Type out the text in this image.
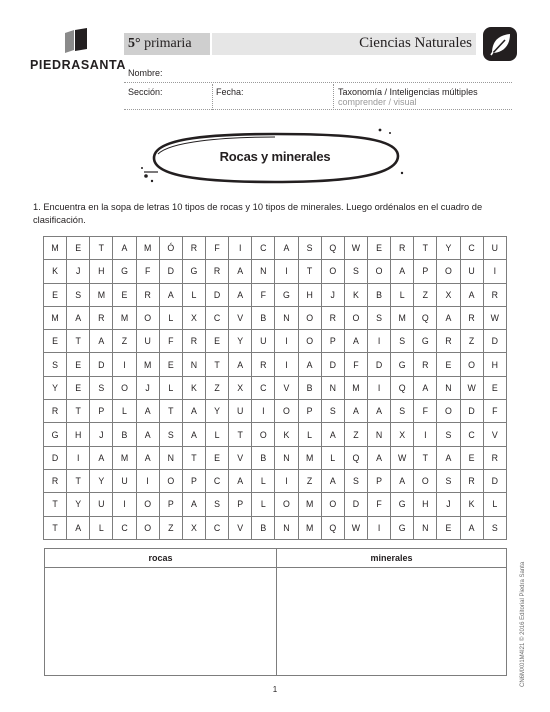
PIEDRASANTA
5° primaria	Ciencias Naturales
Nombre:
Sección:	Fecha:	Taxonomía / Inteligencias múltiples
comprender / visual
Rocas y minerales
1. Encuentra en la sopa de letras 10 tipos de rocas y 10 tipos de minerales. Luego ordénalos en el cuadro de clasificación.
M	E	T	A	M	Ó	R	F	I	C	A	S	Q	W	E	R	T	Y	C	U
K	J	H	G	F	D	G	R	A	N	I	T	O	S	O	A	P	O	U	I
E	S	M	E	R	A	L	D	A	F	G	H	J	K	B	L	Z	X	A	R
M	A	R	M	O	L	X	C	V	B	N	O	R	O	S	M	Q	A	R	W
E	T	A	Z	U	F	R	E	Y	U	I	O	P	A	I	S	G	R	Z	D
S	E	D	I	M	E	N	T	A	R	I	A	D	F	D	G	R	E	O	H
Y	E	S	O	J	L	K	Z	X	C	V	B	N	M	I	Q	A	N	W	E
R	T	P	L	A	T	A	Y	U	I	O	P	S	A	A	S	F	O	D	F
G	H	J	B	A	S	A	L	T	O	K	L	A	Z	N	X	I	S	C	V
D	I	A	M	A	N	T	E	V	B	N	M	L	Q	A	W	T	A	E	R
R	T	Y	U	I	O	P	C	A	L	I	Z	A	S	P	A	O	S	R	D
T	Y	U	I	O	P	A	S	P	L	O	M	O	D	F	G	H	J	K	L
T	A	L	C	O	Z	X	C	V	B	N	M	Q	W	I	G	N	E	A	S
rocas	minerales
1
CN6MX01M4I21 © 2016 Editorial Piedra Santa
